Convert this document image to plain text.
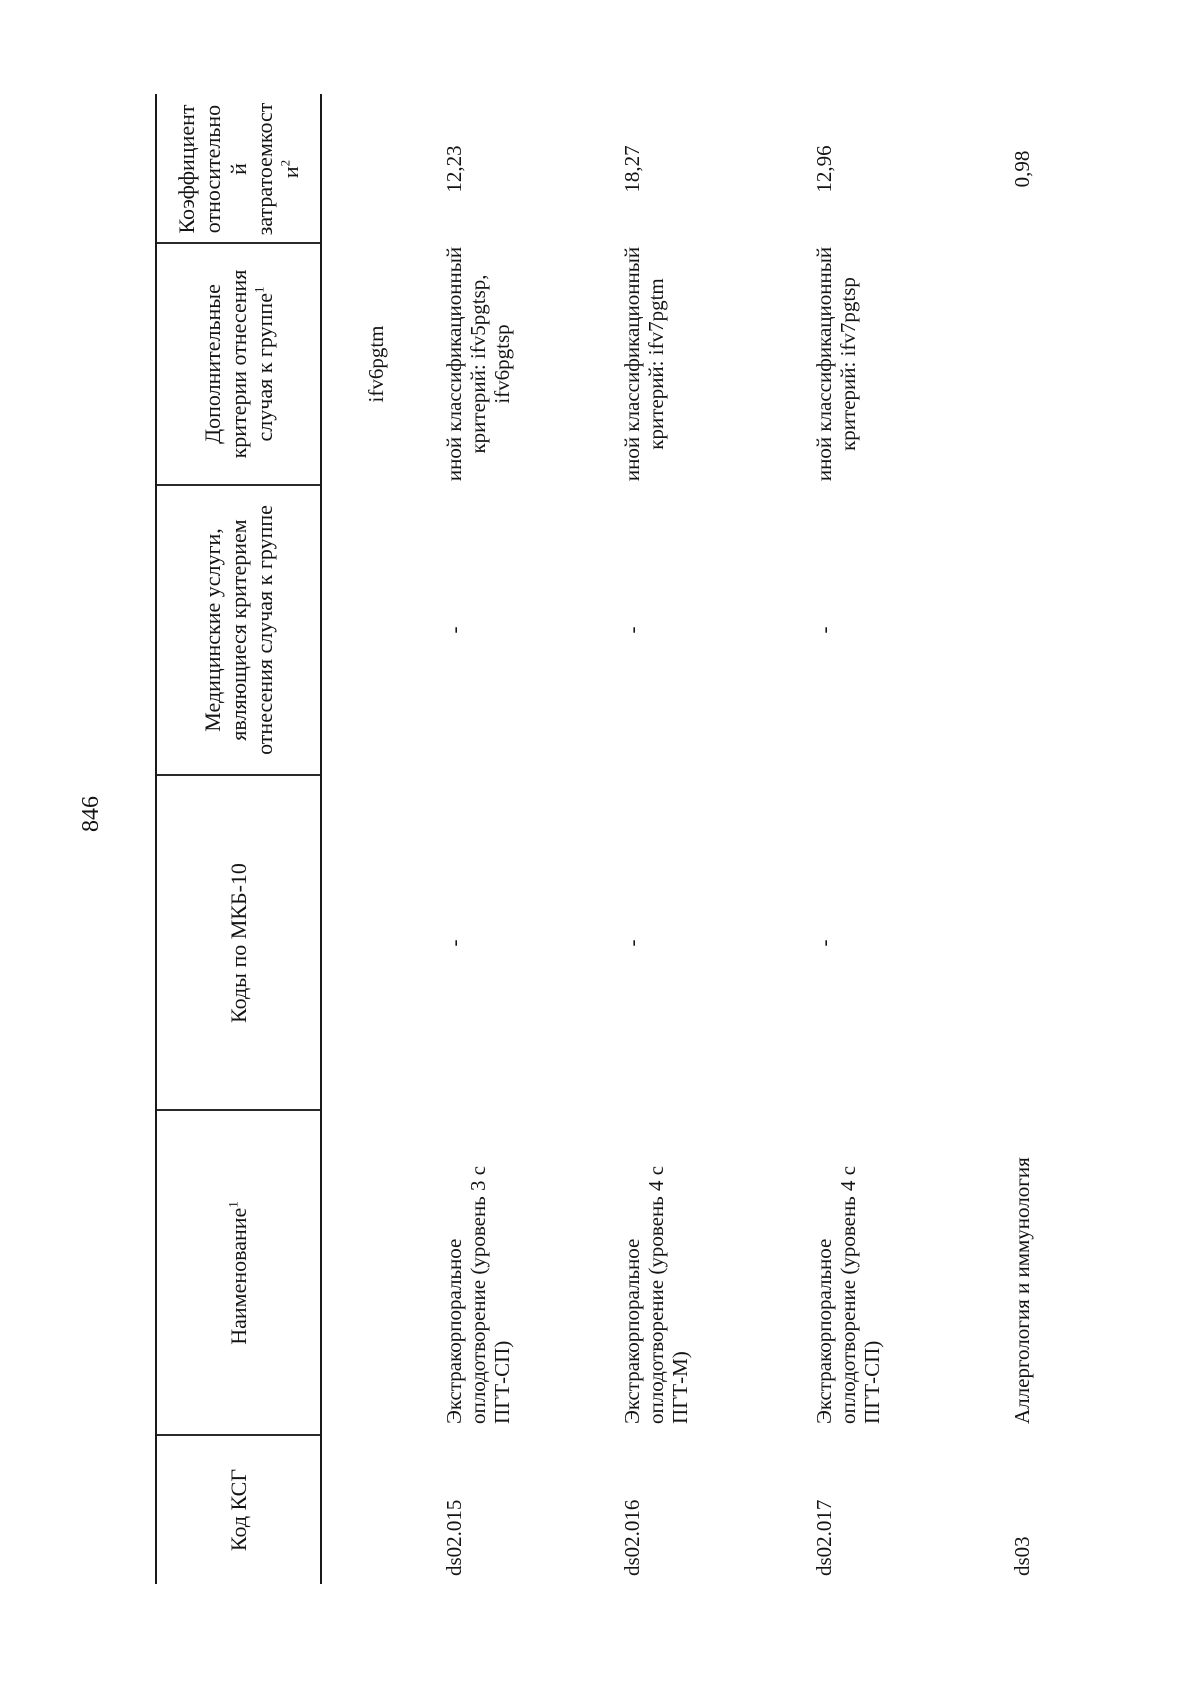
846
Код КСГ
Наименование$^1$
Коды по МКБ-10
Медицинские услуги, являющиеся критерием отнесения случая к группе
Дополнительные критерии отнесения случая к группе$^1$
Коэффициент относительно й затратоемкост $и^2$
ifv6pgtm
ds02.015
Экстракорпоральное оплодотворение (уровень 3 с ПГТ-СП)
-
-
иной классификационный критерий: ifv5pgtsp, ifv6pgtsp
12,23
ds02.016
Экстракорпоральное оплодотворение (уровень 4 с ПГТ-М)
-
-
иной классификационный критерий: ifv7pgtm
18,27
ds02.017
Экстракорпоральное оплодотворение (уровень 4 с ПГТ-СП)
-
-
иной классификационный критерий: ifv7pgtsp
12,96
ds03
Аллергология и иммунология
0,98
